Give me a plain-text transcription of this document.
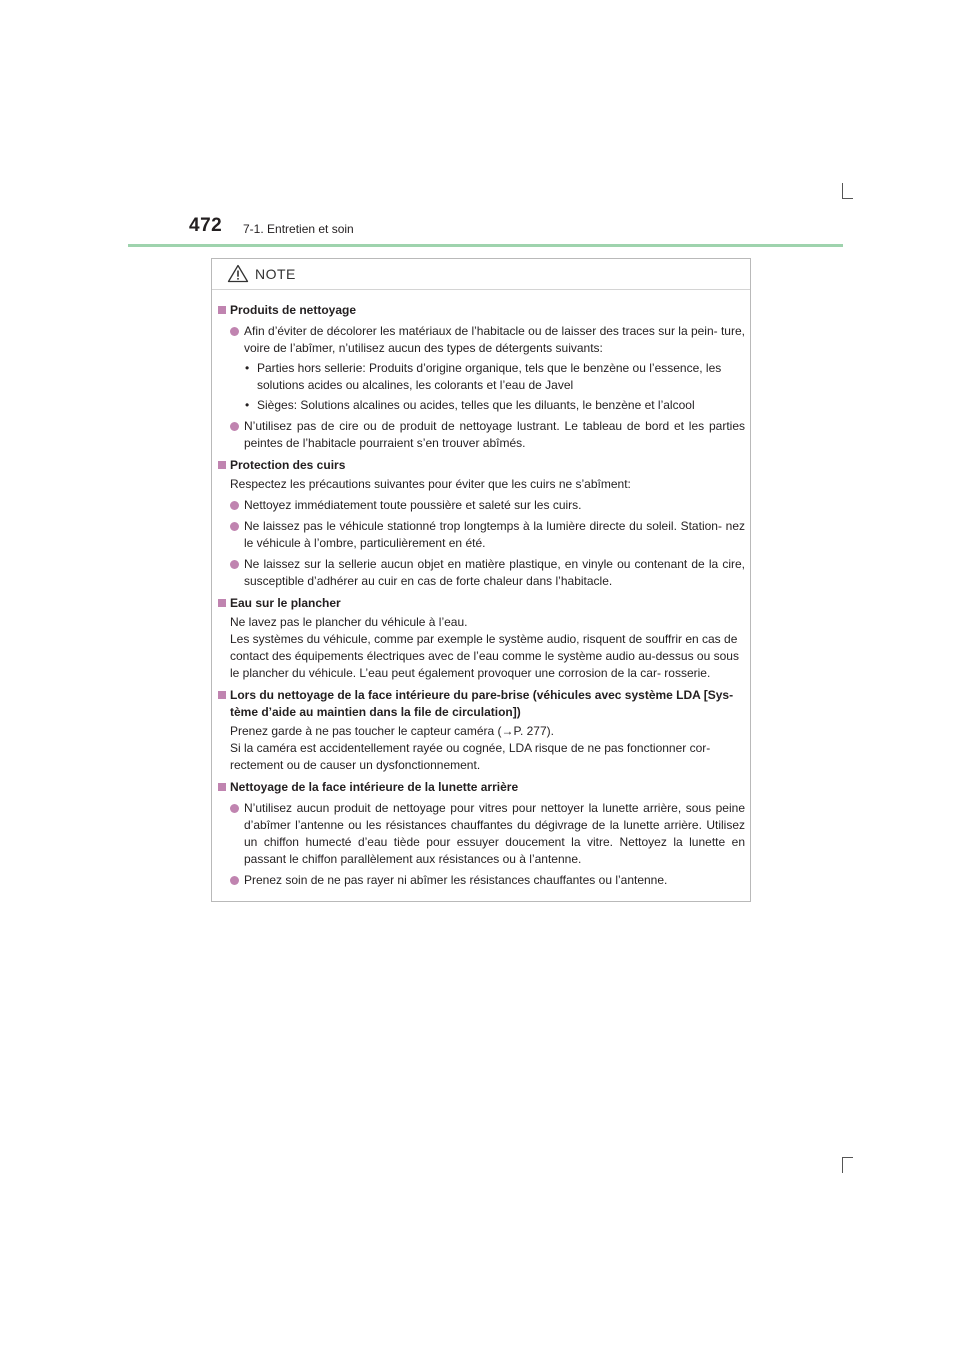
472 7-1. Entretien et soin
NOTE
Produits de nettoyage
Afin d’éviter de décolorer les matériaux de l’habitacle ou de laisser des traces sur la pein- ture, voire de l’abîmer, n’utilisez aucun des types de détergents suivants:
• Parties hors sellerie: Produits d’origine organique, tels que le benzène ou l’essence, les solutions acides ou alcalines, les colorants et l’eau de Javel
• Sièges: Solutions alcalines ou acides, telles que les diluants, le benzène et l’alcool
N’utilisez pas de cire ou de produit de nettoyage lustrant. Le tableau de bord et les parties peintes de l’habitacle pourraient s’en trouver abîmés.
Protection des cuirs
Respectez les précautions suivantes pour éviter que les cuirs ne s’abîment:
Nettoyez immédiatement toute poussière et saleté sur les cuirs.
Ne laissez pas le véhicule stationné trop longtemps à la lumière directe du soleil. Station- nez le véhicule à l’ombre, particulièrement en été.
Ne laissez sur la sellerie aucun objet en matière plastique, en vinyle ou contenant de la cire, susceptible d’adhérer au cuir en cas de forte chaleur dans l’habitacle.
Eau sur le plancher
Ne lavez pas le plancher du véhicule à l’eau.
Les systèmes du véhicule, comme par exemple le système audio, risquent de souffrir en cas de contact des équipements électriques avec de l’eau comme le système audio au-dessus ou sous le plancher du véhicule. L’eau peut également provoquer une corrosion de la car- rosserie.
Lors du nettoyage de la face intérieure du pare-brise (véhicules avec système LDA [Sys- tème d’aide au maintien dans la file de circulation])
Prenez garde à ne pas toucher le capteur caméra (→P. 277).
Si la caméra est accidentellement rayée ou cognée, LDA risque de ne pas fonctionner cor- rectement ou de causer un dysfonctionnement.
Nettoyage de la face intérieure de la lunette arrière
N’utilisez aucun produit de nettoyage pour vitres pour nettoyer la lunette arrière, sous peine d’abîmer l’antenne ou les résistances chauffantes du dégivrage de la lunette arrière. Utilisez un chiffon humecté d’eau tiède pour essuyer doucement la vitre. Nettoyez la lunette en passant le chiffon parallèlement aux résistances ou à l’antenne.
Prenez soin de ne pas rayer ni abîmer les résistances chauffantes ou l’antenne.
